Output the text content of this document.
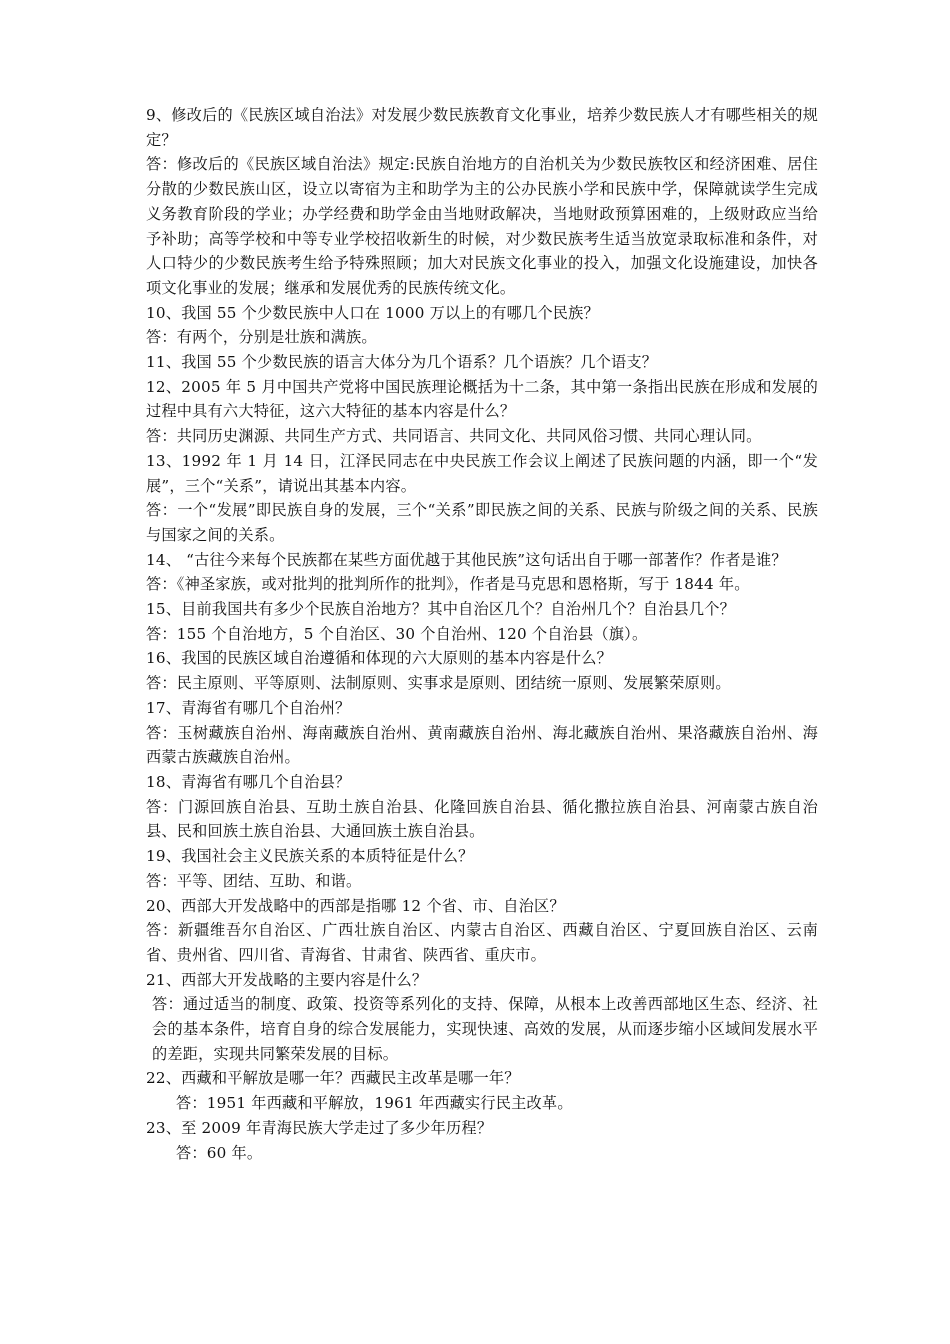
9、修改后的《民族区域自治法》对发展少数民族教育文化事业，培养少数民族人才有哪些相关的规定？

答：修改后的《民族区域自治法》规定:民族自治地方的自治机关为少数民族牧区和经济困难、居住分散的少数民族山区，设立以寄宿为主和助学为主的公办民族小学和民族中学，保障就读学生完成义务教育阶段的学业；办学经费和助学金由当地财政解决，当地财政预算困难的，上级财政应当给予补助；高等学校和中等专业学校招收新生的时候，对少数民族考生适当放宽录取标准和条件，对人口特少的少数民族考生给予特殊照顾；加大对民族文化事业的投入，加强文化设施建设，加快各项文化事业的发展；继承和发展优秀的民族传统文化。

10、我国 55 个少数民族中人口在 1000 万以上的有哪几个民族？

答：有两个，分别是壮族和满族。

11、我国 55 个少数民族的语言大体分为几个语系？几个语族？几个语支？

12、2005 年 5 月中国共产党将中国民族理论概括为十二条，其中第一条指出民族在形成和发展的过程中具有六大特征，这六大特征的基本内容是什么？

答：共同历史渊源、共同生产方式、共同语言、共同文化、共同风俗习惯、共同心理认同。

13、1992 年 1 月 14 日，江泽民同志在中央民族工作会议上阐述了民族问题的内涵，即一个“发展”，三个“关系”，请说出其基本内容。

答：一个“发展”即民族自身的发展，三个“关系”即民族之间的关系、民族与阶级之间的关系、民族与国家之间的关系。

14、 “古往今来每个民族都在某些方面优越于其他民族”这句话出自于哪一部著作？作者是谁？

答：《神圣家族，或对批判的批判所作的批判》，作者是马克思和恩格斯，写于 1844 年。

15、目前我国共有多少个民族自治地方？其中自治区几个？自治州几个？自治县几个？

答：155 个自治地方，5 个自治区、30 个自治州、120 个自治县（旗）。

16、我国的民族区域自治遵循和体现的六大原则的基本内容是什么？

答：民主原则、平等原则、法制原则、实事求是原则、团结统一原则、发展繁荣原则。

17、青海省有哪几个自治州？

答：玉树藏族自治州、海南藏族自治州、黄南藏族自治州、海北藏族自治州、果洛藏族自治州、海西蒙古族藏族自治州。

18、青海省有哪几个自治县？

答：门源回族自治县、互助土族自治县、化隆回族自治县、循化撒拉族自治县、河南蒙古族自治县、民和回族土族自治县、大通回族土族自治县。

19、我国社会主义民族关系的本质特征是什么？

答：平等、团结、互助、和谐。

20、西部大开发战略中的西部是指哪 12 个省、市、自治区？

答：新疆维吾尔自治区、广西壮族自治区、内蒙古自治区、西藏自治区、宁夏回族自治区、云南省、贵州省、四川省、青海省、甘肃省、陕西省、重庆市。

21、西部大开发战略的主要内容是什么？

答：通过适当的制度、政策、投资等系列化的支持、保障，从根本上改善西部地区生态、经济、社会的基本条件，培育自身的综合发展能力，实现快速、高效的发展，从而逐步缩小区域间发展水平的差距，实现共同繁荣发展的目标。

22、西藏和平解放是哪一年？西藏民主改革是哪一年？

答：1951 年西藏和平解放，1961 年西藏实行民主改革。

23、至 2009 年青海民族大学走过了多少年历程？

答：60 年。
